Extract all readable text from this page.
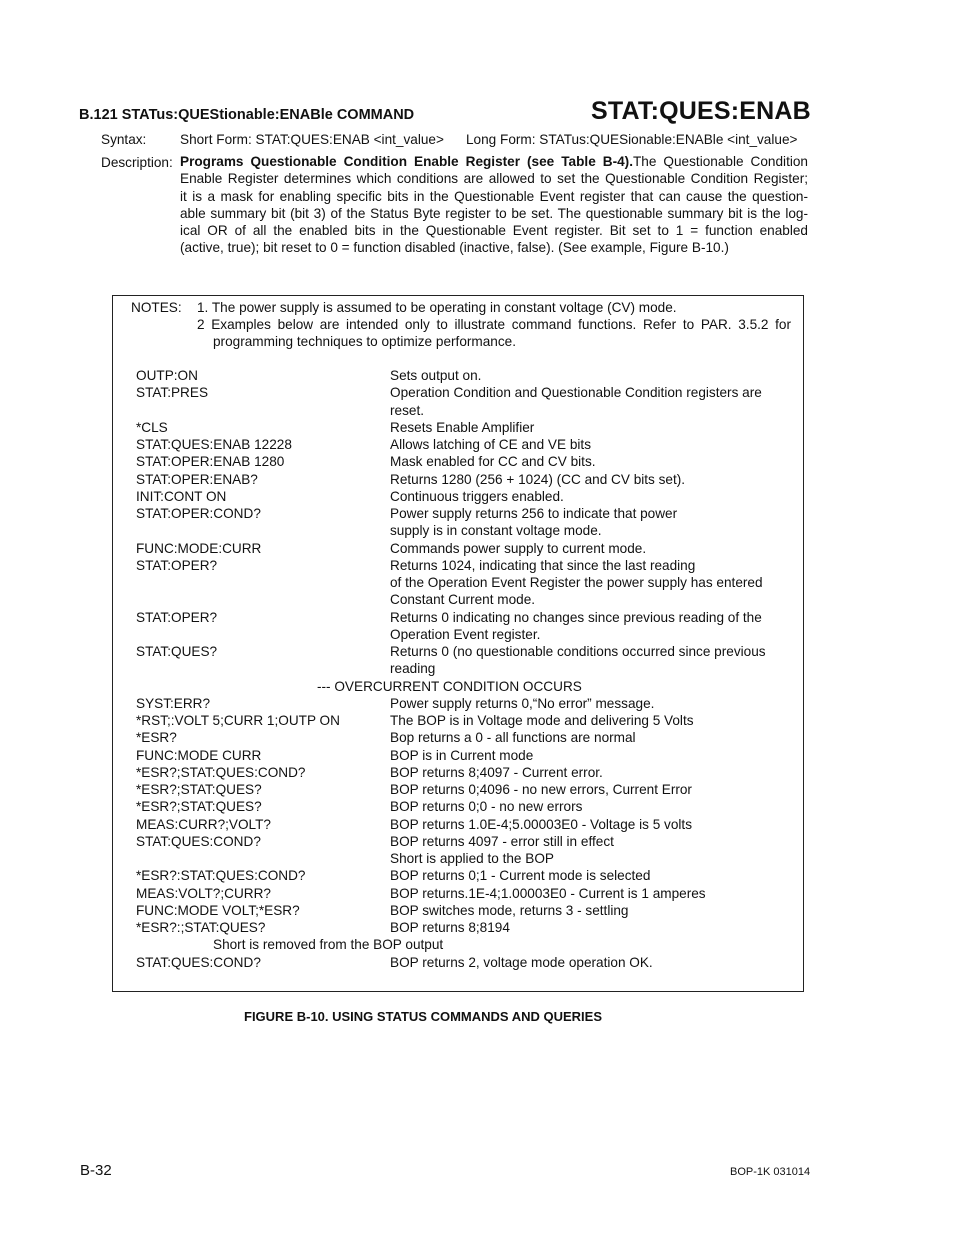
B.121 STATus:QUEStionable:ENABle COMMAND	STAT:QUES:ENAB
Syntax: Short Form: STAT:QUES:ENAB <int_value> Long Form: STATus:QUESionable:ENABle <int_value>
Description: Programs Questionable Condition Enable Register (see Table B-4).The Questionable Condition
Enable Register determines which conditions are allowed to set the Questionable Condition Register;
it is a mask for enabling specific bits in the Questionable Event register that can cause the question-
able summary bit (bit 3) of the Status Byte register to be set. The questionable summary bit is the log-
ical OR of all the enabled bits in the Questionable Event register. Bit set to 1 = function enabled
(active, true); bit reset to 0 = function disabled (inactive, false). (See example, Figure B-10.)
NOTES: 1. The power supply is assumed to be operating in constant voltage (CV) mode.
2 Examples below are intended only to illustrate command functions. Refer to PAR. 3.5.2 for
programming techniques to optimize performance.
OUTP:ON	Sets output on.
STAT:PRES	Operation Condition and Questionable Condition registers are
reset.
*CLS	Resets Enable Amplifier
STAT:QUES:ENAB 12228	Allows latching of CE and VE bits
STAT:OPER:ENAB 1280	Mask enabled for CC and CV bits.
STAT:OPER:ENAB?	Returns 1280 (256 + 1024) (CC and CV bits set).
INIT:CONT ON	Continuous triggers enabled.
STAT:OPER:COND?	Power supply returns 256 to indicate that power
supply is in constant voltage mode.
FUNC:MODE:CURR	Commands power supply to current mode.
STAT:OPER?	Returns 1024, indicating that since the last reading
of the Operation Event Register the power supply has entered
Constant Current mode.
STAT:OPER?	Returns 0 indicating no changes since previous reading of the
Operation Event register.
STAT:QUES?	Returns 0 (no questionable conditions occurred since previous
reading
--- OVERCURRENT CONDITION OCCURS
SYST:ERR?	Power supply returns 0,“No error” message.
*RST;:VOLT 5;CURR 1;OUTP ON	The BOP is in Voltage mode and delivering 5 Volts
*ESR?	Bop returns a 0 - all functions are normal
FUNC:MODE CURR	BOP is in Current mode
*ESR?;STAT:QUES:COND?	BOP returns 8;4097 - Current error.
*ESR?;STAT:QUES?	BOP returns 0;4096 - no new errors, Current Error
*ESR?;STAT:QUES?	BOP returns 0;0 - no new errors
MEAS:CURR?;VOLT?	BOP returns 1.0E-4;5.00003E0 - Voltage is 5 volts
STAT:QUES:COND?	BOP returns 4097 - error still in effect
Short is applied to the BOP
*ESR?:STAT:QUES:COND?	BOP returns 0;1 - Current mode is selected
MEAS:VOLT?;CURR?	BOP returns.1E-4;1.00003E0 - Current is 1 amperes
FUNC:MODE VOLT;*ESR?	BOP switches mode, returns 3 - settling
*ESR?:;STAT:QUES?	BOP returns 8;8194
Short is removed from the BOP output
STAT:QUES:COND?	BOP returns 2, voltage mode operation OK.
FIGURE B-10. USING STATUS COMMANDS AND QUERIES
B-32	BOP-1K 031014
